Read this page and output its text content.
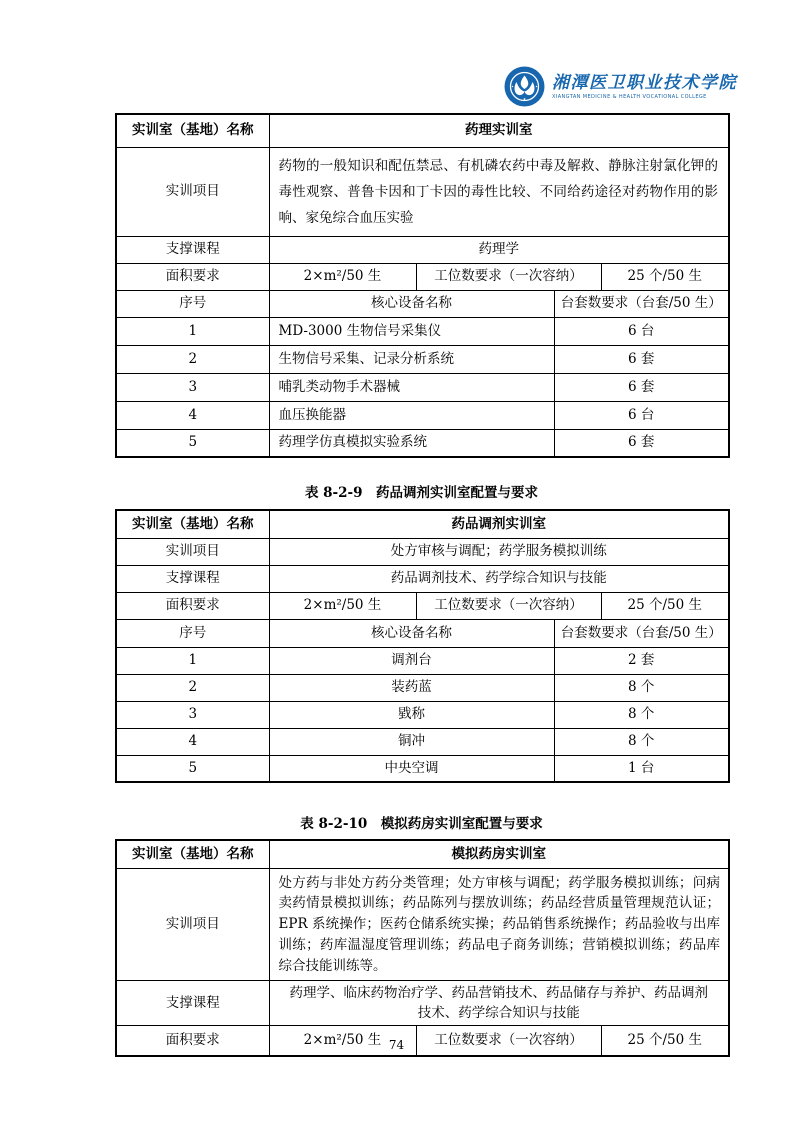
湘潭医卫职业技术学院
XIANGTAN MEDICINE & HEALTH VOCATIONAL COLLEGE
实训室（基地）名称	药理实训室			
实训项目	药物的一般知识和配伍禁忌、有机磷农药中毒及解救、静脉注射氯化钾的毒性观察、普鲁卡因和丁卡因的毒性比较、不同给药途径对药物作用的影响、家兔综合血压实验			
支撑课程	药理学			
面积要求	2×m²/50 生	工位数要求（一次容纳）		25 个/50 生
序号	核心设备名称		台套数要求（台套/50 生）	
1	MD-3000 生物信号采集仪		6 台	
2	生物信号采集、记录分析系统		6 套	
3	哺乳类动物手术器械		6 套	
4	血压换能器		6 台	
5	药理学仿真模拟实验系统		6 套	
表 8-2-9　药品调剂实训室配置与要求
实训室（基地）名称	药品调剂实训室			
实训项目	处方审核与调配；药学服务模拟训练			
支撑课程	药品调剂技术、药学综合知识与技能			
面积要求	2×m²/50 生	工位数要求（一次容纳）		25 个/50 生
序号	核心设备名称		台套数要求（台套/50 生）	
1	调剂台		2 套	
2	装药蓝		8 个	
3	戥称		8 个	
4	铜冲		8 个	
5	中央空调		1 台	
表 8-2-10　模拟药房实训室配置与要求
实训室（基地）名称	模拟药房实训室		
实训项目	处方药与非处方药分类管理；处方审核与调配；药学服务模拟训练；问病卖药情景模拟训练；药品陈列与摆放训练；药品经营质量管理规范认证；EPR 系统操作；医药仓储系统实操；药品销售系统操作；药品验收与出库训练；药库温湿度管理训练；药品电子商务训练；营销模拟训练；药品库综合技能训练等。		
支撑课程	药理学、临床药物治疗学、药品营销技术、药品储存与养护、药品调剂技术、药学综合知识与技能		
面积要求	2×m²/50 生	工位数要求（一次容纳）	25 个/50 生
74
